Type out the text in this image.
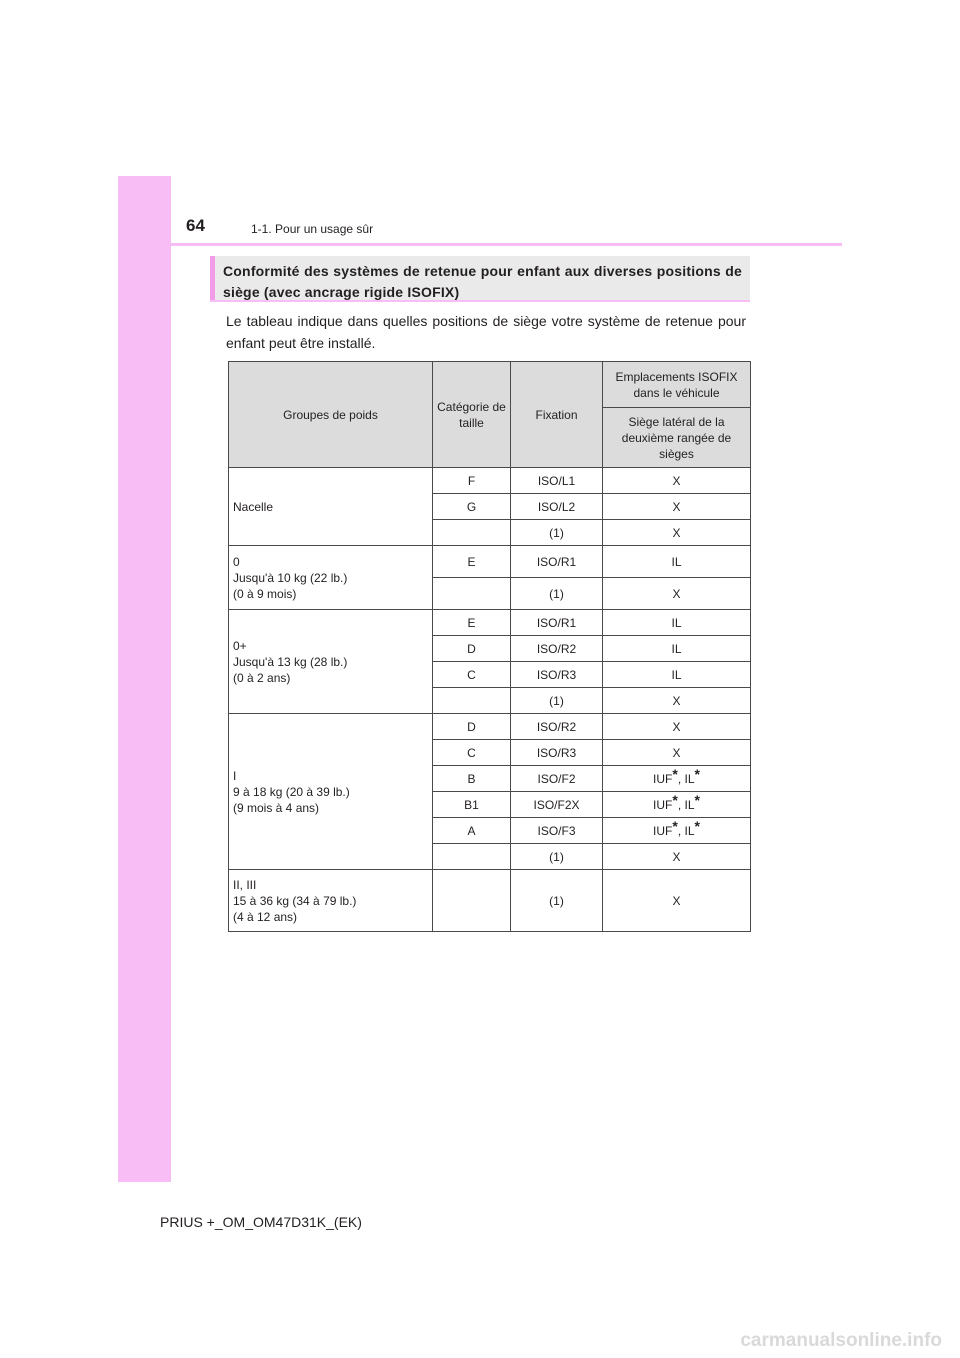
64	1-1. Pour un usage sûr
Conformité des systèmes de retenue pour enfant aux diverses positions de siège (avec ancrage rigide ISOFIX)
Le tableau indique dans quelles positions de siège votre système de retenue pour enfant peut être installé.
Groupes de poids	Catégorie de taille	Fixation	Emplacements ISOFIX dans le véhicule
			Siège latéral de la deuxième rangée de sièges
Nacelle	F	ISO/L1	X
	G	ISO/L2	X
		(1)	X
0
Jusqu'à 10 kg (22 lb.)
(0 à 9 mois)	E	ISO/R1	IL
		(1)	X
0+
Jusqu'à 13 kg (28 lb.)
(0 à 2 ans)	E	ISO/R1	IL
	D	ISO/R2	IL
	C	ISO/R3	IL
		(1)	X
I
9 à 18 kg (20 à 39 lb.)
(9 mois à 4 ans)	D	ISO/R2	X
	C	ISO/R3	X
	B	ISO/F2	IUF*, IL*
	B1	ISO/F2X	IUF*, IL*
	A	ISO/F3	IUF*, IL*
		(1)	X
II, III
15 à 36 kg (34 à 79 lb.)
(4 à 12 ans)		(1)	X
PRIUS +_OM_OM47D31K_(EK)
carmanualsonline.info
